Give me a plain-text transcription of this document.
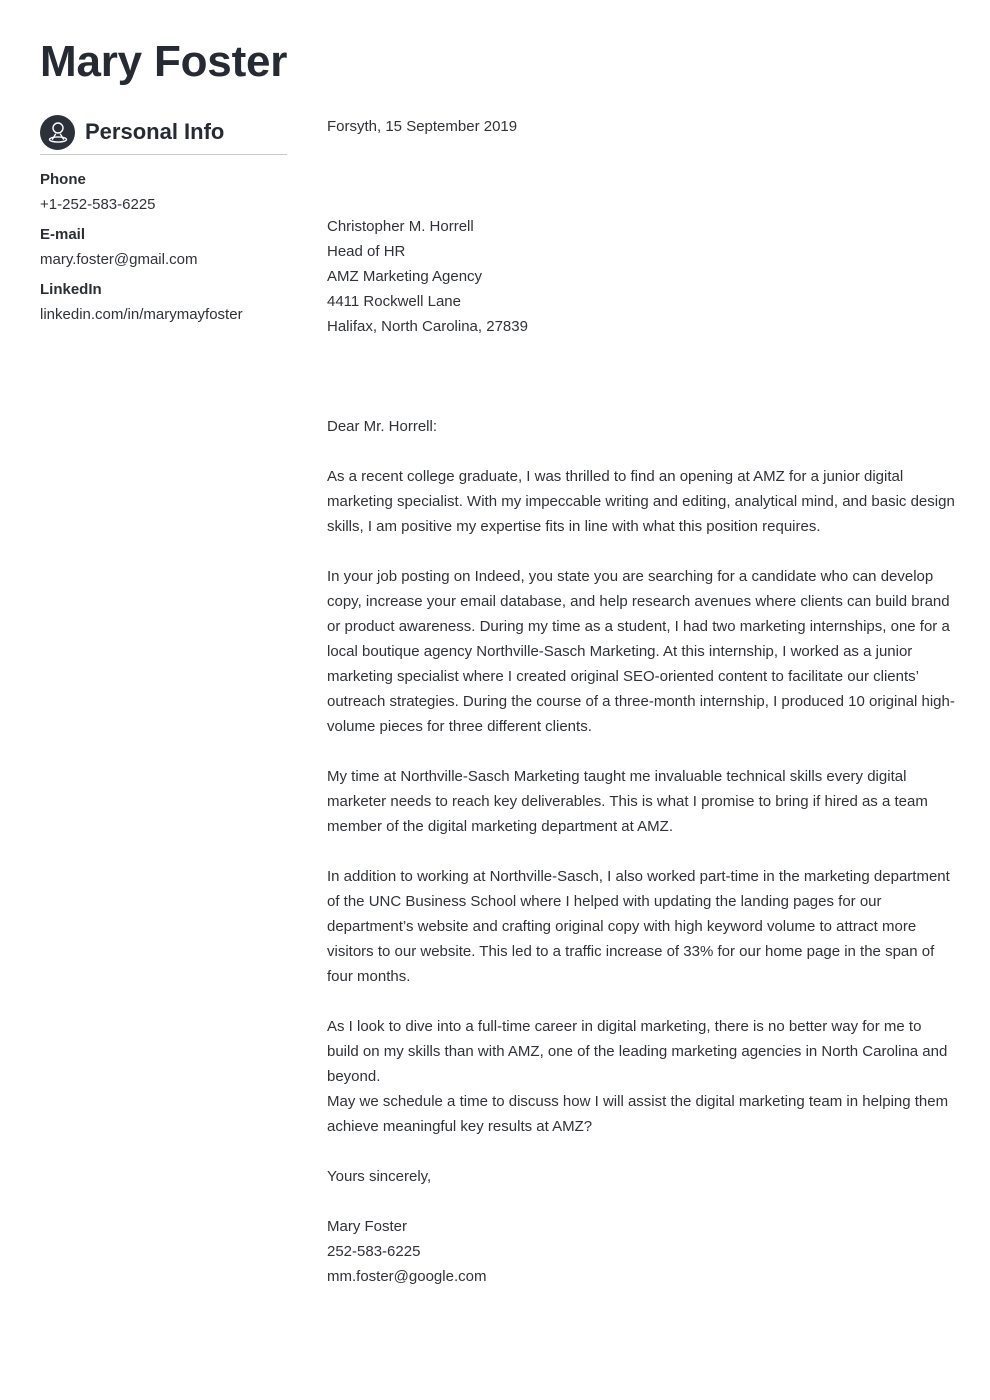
Mary Foster
Personal Info
Phone
+1-252-583-6225
E-mail
mary.foster@gmail.com
LinkedIn
linkedin.com/in/marymayfoster
Forsyth, 15 September 2019
Christopher M. Horrell
Head of HR
AMZ Marketing Agency
4411 Rockwell Lane
Halifax, North Carolina, 27839
Dear Mr. Horrell:

As a recent college graduate, I was thrilled to find an opening at AMZ for a junior digital marketing specialist. With my impeccable writing and editing, analytical mind, and basic design skills, I am positive my expertise fits in line with what this position requires.

In your job posting on Indeed, you state you are searching for a candidate who can develop copy, increase your email database, and help research avenues where clients can build brand or product awareness. During my time as a student, I had two marketing internships, one for a local boutique agency Northville-Sasch Marketing. At this internship, I worked as a junior marketing specialist where I created original SEO-oriented content to facilitate our clients’ outreach strategies. During the course of a three-month internship, I produced 10 original high-volume pieces for three different clients.

My time at Northville-Sasch Marketing taught me invaluable technical skills every digital marketer needs to reach key deliverables. This is what I promise to bring if hired as a team member of the digital marketing department at AMZ.

In addition to working at Northville-Sasch, I also worked part-time in the marketing department of the UNC Business School where I helped with updating the landing pages for our department’s website and crafting original copy with high keyword volume to attract more visitors to our website. This led to a traffic increase of 33% for our home page in the span of four months.

As I look to dive into a full-time career in digital marketing, there is no better way for me to build on my skills than with AMZ, one of the leading marketing agencies in North Carolina and beyond.

May we schedule a time to discuss how I will assist the digital marketing team in helping them achieve meaningful key results at AMZ?

Yours sincerely,
Mary Foster
252-583-6225
mm.foster@google.com
